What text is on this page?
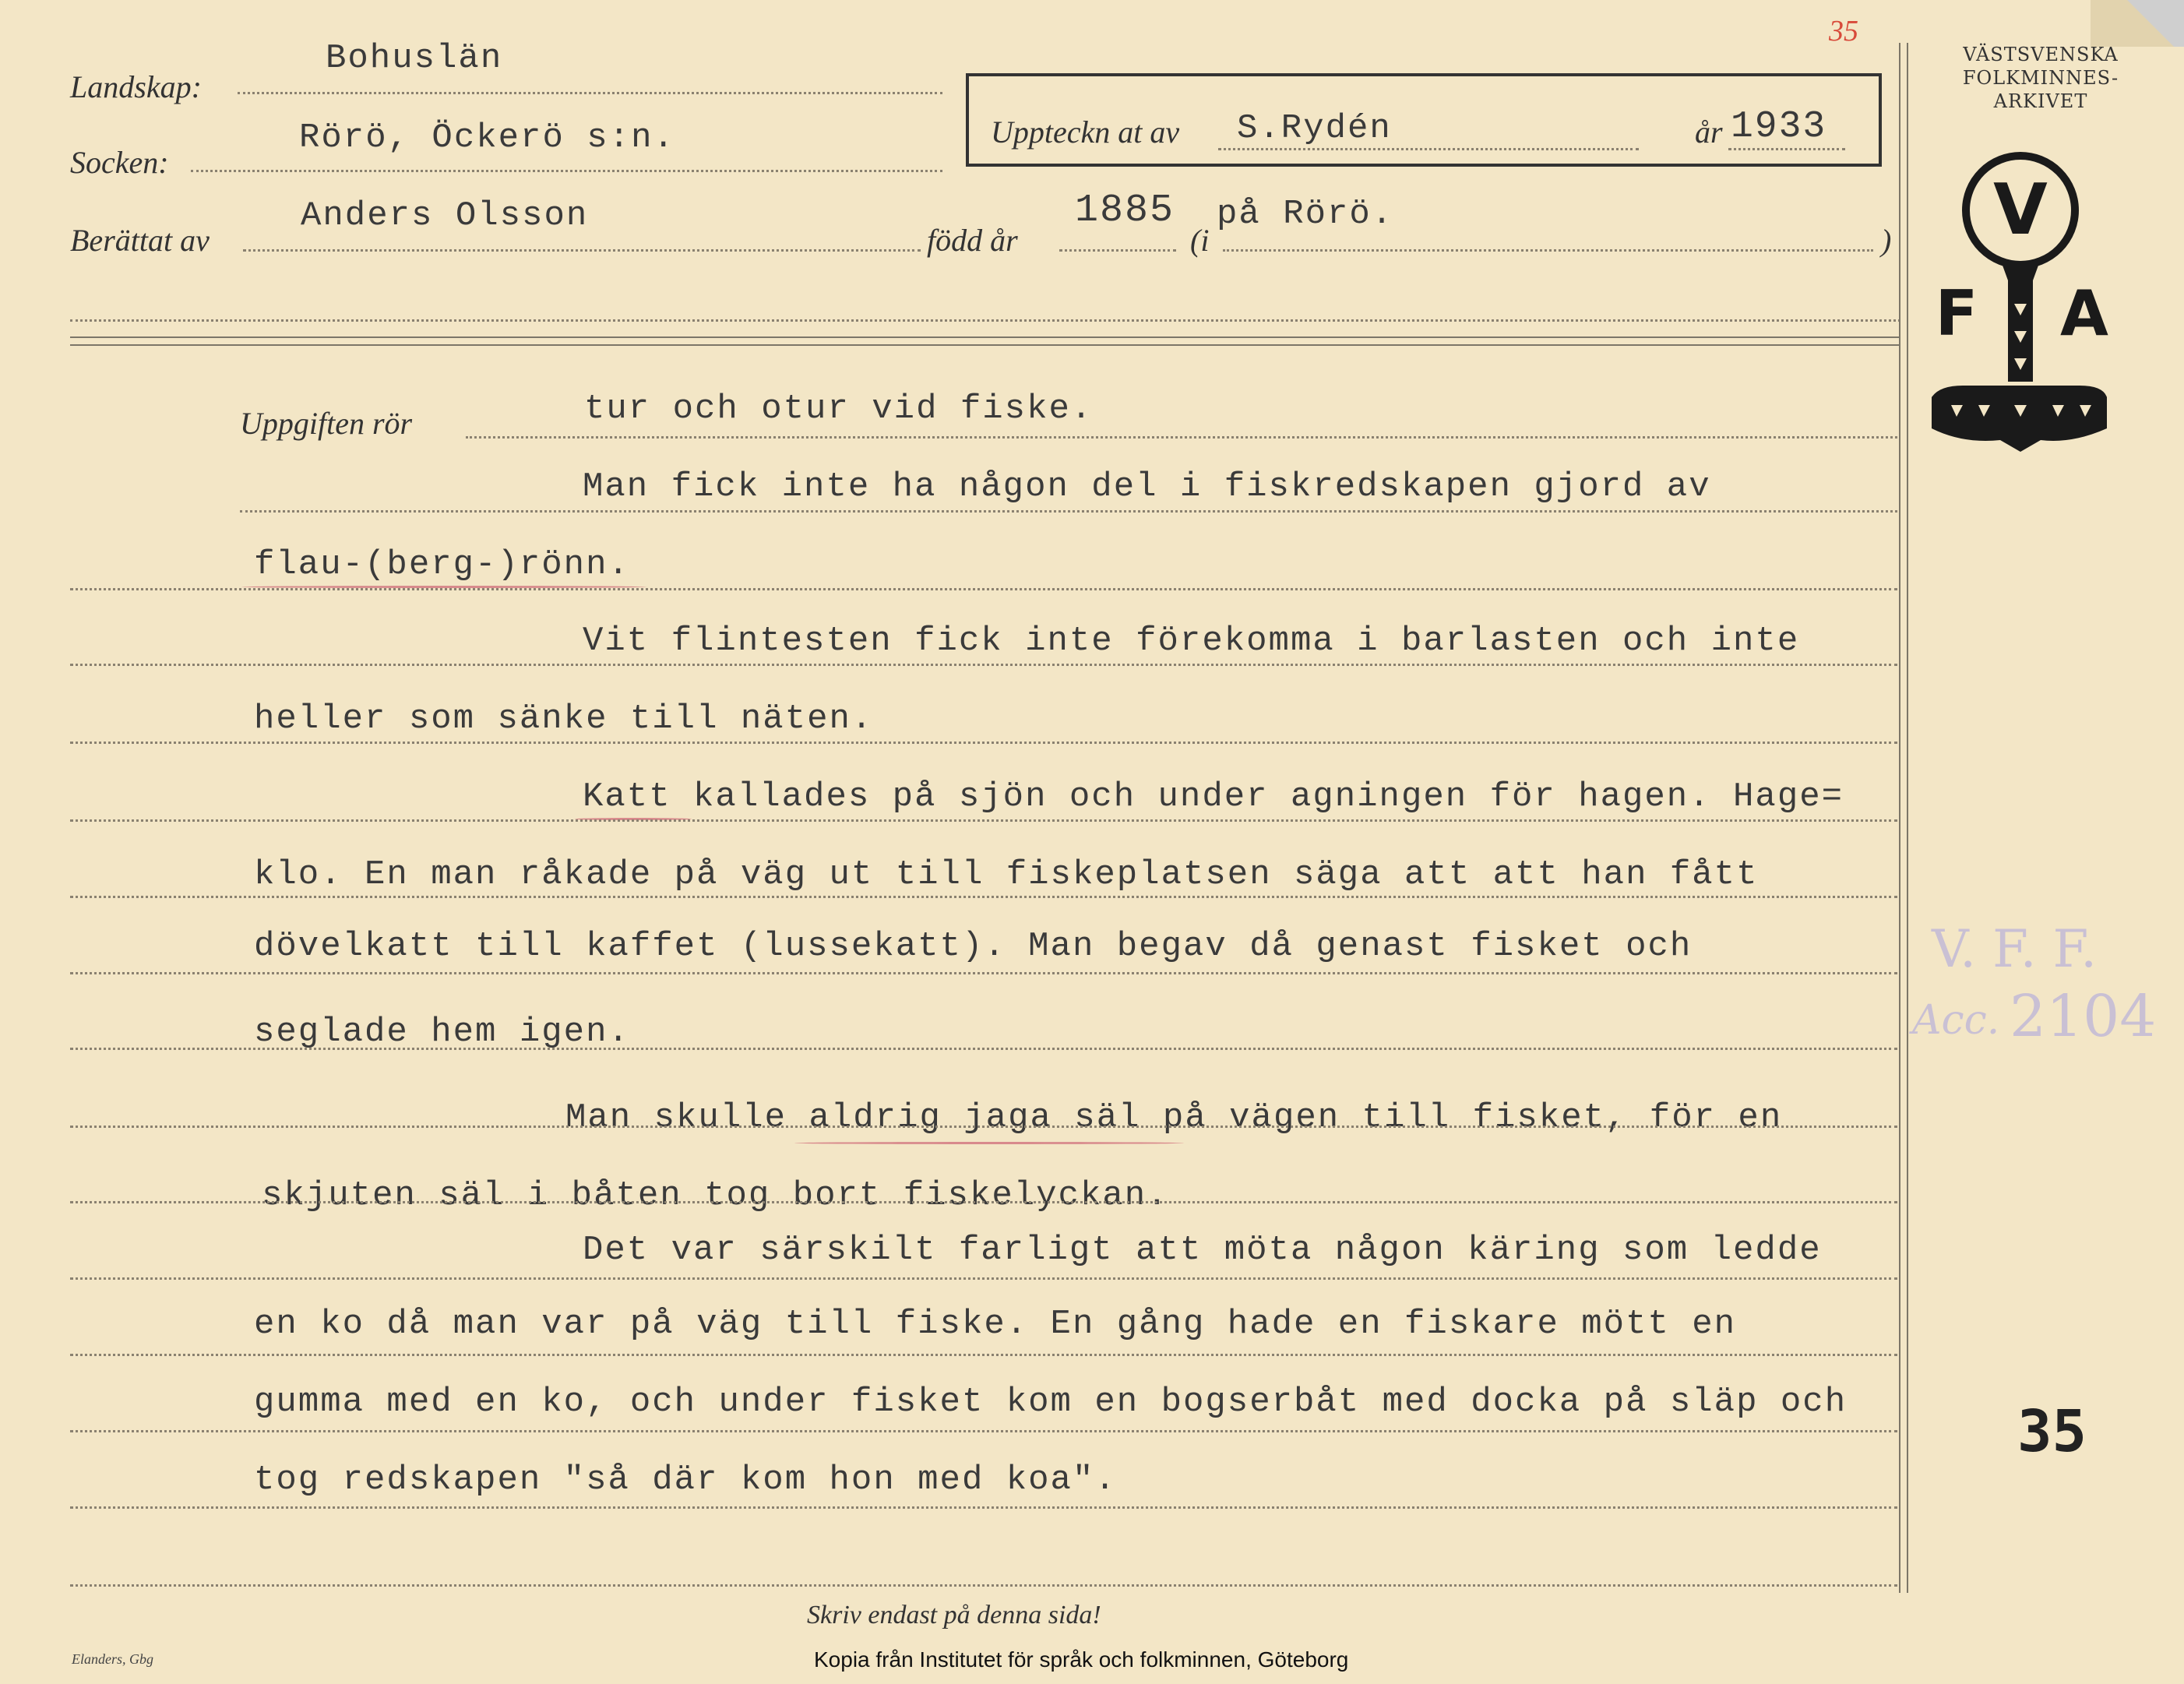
Landskap:
Bohuslän
Socken:
Rörö, Öckerö s:n.
Berättat av
Anders Olsson
född år
1885
(i
på Rörö.
)
Uppteckn at av S.Rydén	år 1933
35
VÄSTSVENSKA
FOLKMINNES-
ARKIVET
V
F A
Uppgiften rör	tur och otur vid fiske.
Man fick inte ha någon del i fiskredskapen gjord av
flau-(berg-)rönn.
Vit flintesten fick inte förekomma i barlasten och inte
heller som sänke till näten.
Katt kallades på sjön och under agningen för hagen. Hage=
klo. En man råkade på väg ut till fiskeplatsen säga att att han fått
dövelkatt till kaffet (lussekatt). Man begav då genast fisket och
seglade hem igen.
Man skulle aldrig jaga säl på vägen till fisket, för en
skjuten säl i båten tog bort fiskelyckan.
Det var särskilt farligt att möta någon käring som ledde
en ko då man var på väg till fiske. En gång hade en fiskare mött en
gumma med en ko, och under fisket kom en bogserbåt med docka på släp och
tog redskapen "så där kom hon med koa".
V. F. F.
Acc. 2104
35
Skriv endast på denna sida!
Elanders, Gbg	Kopia från Institutet för språk och folkminnen, Göteborg
